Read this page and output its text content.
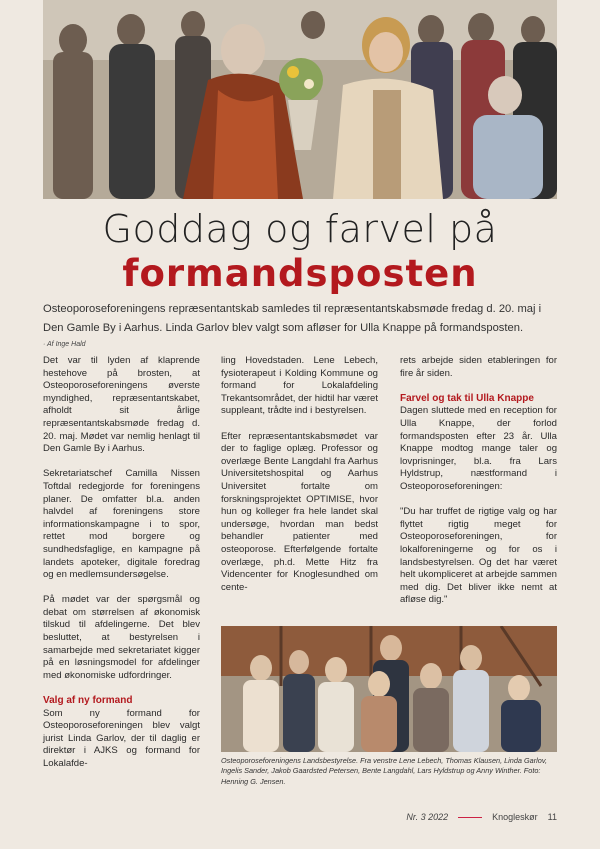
Goddag og farvel på
formandsposten
Osteoporoseforeningens repræsentantskab samledes til repræsentantskabsmøde fredag d. 20. maj i Den Gamle By i Aarhus. Linda Garlov blev valgt som afløser for Ulla Knappe på formandsposten.
· Af Inge Hald

Det var til lyden af klaprende hestehove på brosten, at Osteoporoseforeningens øverste myndighed, repræsentantskabet, afholdt sit årlige repræsentantskabsmøde fredag d. 20. maj. Mødet var nemlig henlagt til Den Gamle By i Aarhus.

Sekretariatschef Camilla Nissen Toftdal redegjorde for foreningens planer. De omfatter bl.a. anden halvdel af foreningens store informationskampagne i to spor, rettet mod borgere og sundhedsfaglige, en kampagne på landets apoteker, digitale foredrag og en medlemsundersøgelse.

På mødet var der spørgsmål og debat om størrelsen af økonomisk tilskud til afdelingerne. Det blev besluttet, at bestyrelsen i samarbejde med sekretariatet kigger på en løsningsmodel for afdelinger med økonomiske udfordringer.

Valg af ny formand

Som ny formand for Osteoporoseforeningen blev valgt jurist Linda Garlov, der til daglig er direktør i AJKS og formand for Lokalafde-

ling Hovedstaden. Lene Lebech, fysioterapeut i Kolding Kommune og formand for Lokalafdeling Trekantsområdet, der hidtil har været suppleant, trådte ind i bestyrelsen.

Efter repræsentantskabsmødet var der to faglige oplæg. Professor og overlæge Bente Langdahl fra Aarhus Universitetshospital og Aarhus Universitet fortalte om forskningsprojektet OPTIMISE, hvor hun og kolleger fra hele landet skal undersøge, hvordan man bedst behandler patienter med osteoporose. Efterfølgende fortalte overlæge, ph.d. Mette Hitz fra Videncenter for Knoglesundhed om cente-

rets arbejde siden etableringen for fire år siden.

Farvel og tak til Ulla Knappe

Dagen sluttede med en reception for Ulla Knappe, der forlod formandsposten efter 23 år. Ulla Knappe modtog mange taler og lovprisninger, bl.a. fra Lars Hyldstrup, næstformand i Osteoporoseforeningen:

"Du har truffet de rigtige valg og har flyttet rigtig meget for Osteoporoseforeningen, for lokalforeningerne og for os i landsbestyrelsen. Og det har været helt ukompliceret at arbejde sammen med dig. Det bliver ikke nemt at afløse dig."

Osteoporoseforeningens Landsbestyrelse. Fra venstre Lene Lebech, Thomas Klausen, Linda Garlov, Ingelis Sander, Jakob Gaardsted Petersen, Bente Langdahl, Lars Hyldstrup og Anny Winther. Foto: Henning G. Jensen.
Nr. 3 2022	Knogleskør 11
